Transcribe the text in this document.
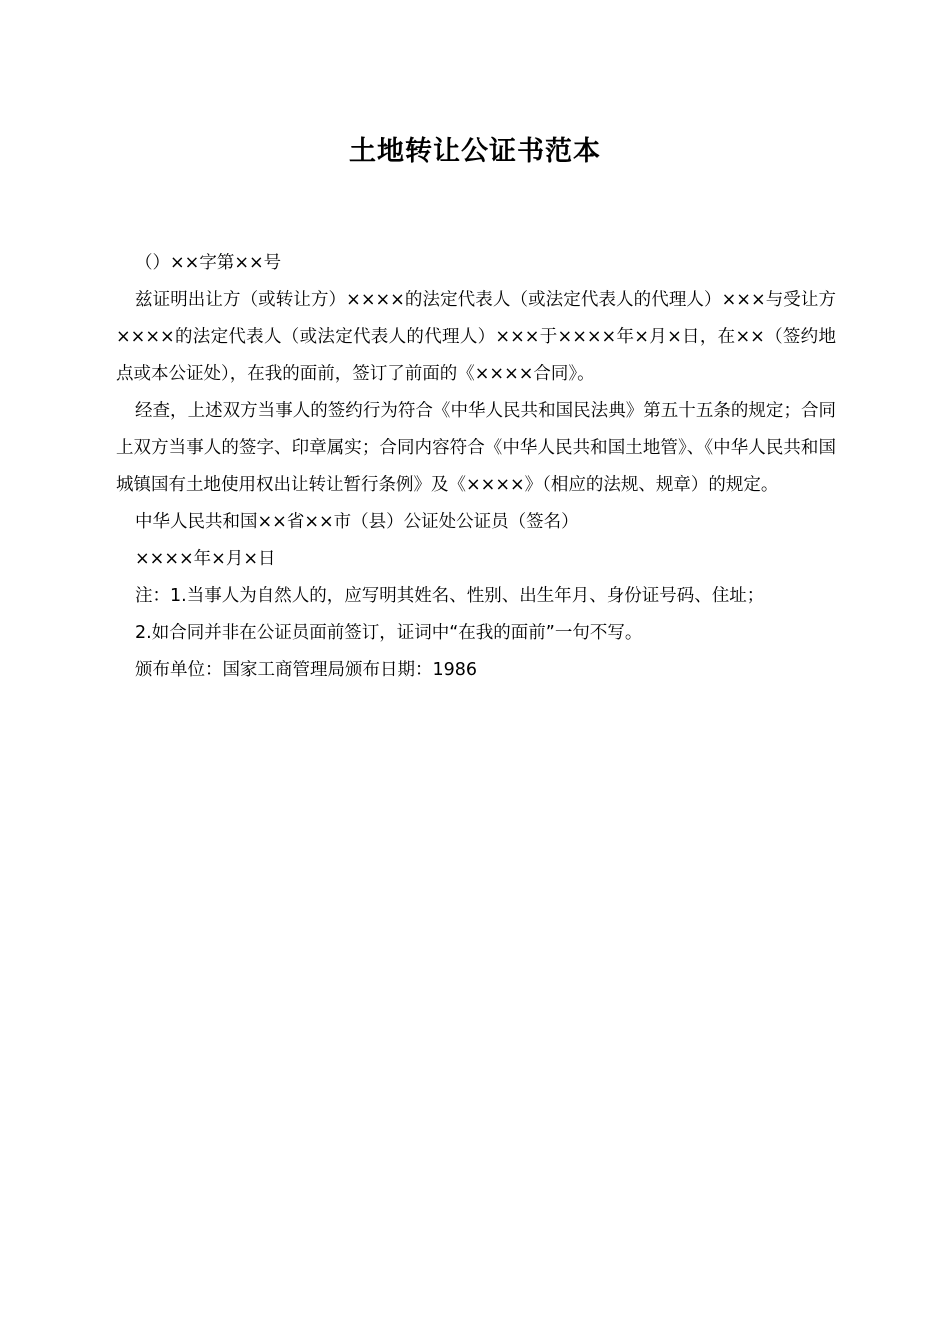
土地转让公证书范本

（）××字第××号

兹证明出让方（或转让方）××××的法定代表人（或法定代表人的代理人）×××与受让方××××的法定代表人（或法定代表人的代理人）×××于××××年×月×日，在××（签约地点或本公证处），在我的面前，签订了前面的《××××合同》。

经查，上述双方当事人的签约行为符合《中华人民共和国民法典》第五十五条的规定；合同上双方当事人的签字、印章属实；合同内容符合《中华人民共和国土地管》、《中华人民共和国城镇国有土地使用权出让转让暂行条例》及《××××》（相应的法规、规章）的规定。

中华人民共和国××省××市（县）公证处公证员（签名）

××××年×月×日

注：1.当事人为自然人的，应写明其姓名、性别、出生年月、身份证号码、住址；

2.如合同并非在公证员面前签订，证词中“在我的面前”一句不写。

颁布单位：国家工商管理局颁布日期：1986
